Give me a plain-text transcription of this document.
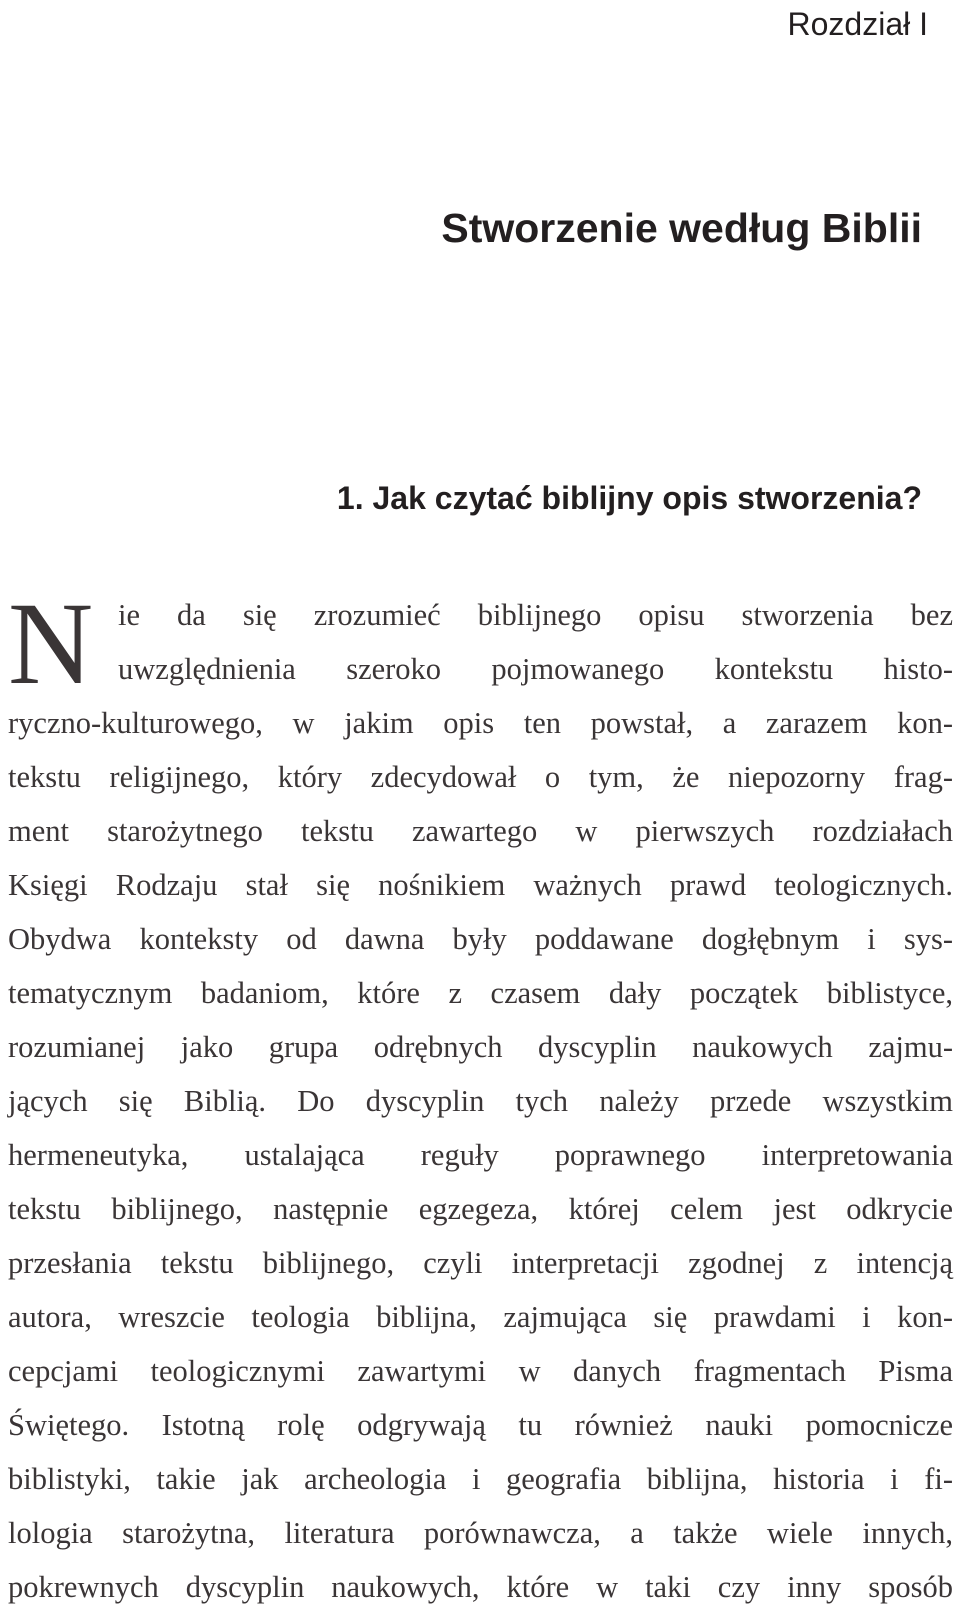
Rozdział I
Stworzenie według Biblii
1. Jak czytać biblijny opis stworzenia?
N ie da się zrozumieć biblijnego opisu stworzenia bez
uwzględnienia szeroko pojmowanego kontekstu histo-
ryczno-kulturowego, w jakim opis ten powstał, a zarazem kon-
tekstu religijnego, który zdecydował o tym, że niepozorny frag-
ment starożytnego tekstu zawartego w pierwszych rozdziałach
Księgi Rodzaju stał się nośnikiem ważnych prawd teologicznych.
Obydwa konteksty od dawna były poddawane dogłębnym i sys-
tematycznym badaniom, które z czasem dały początek biblistyce,
rozumianej jako grupa odrębnych dyscyplin naukowych zajmu-
jących się Biblią. Do dyscyplin tych należy przede wszystkim
hermeneutyka, ustalająca reguły poprawnego interpretowania
tekstu biblijnego, następnie egzegeza, której celem jest odkrycie
przesłania tekstu biblijnego, czyli interpretacji zgodnej z intencją
autora, wreszcie teologia biblijna, zajmująca się prawdami i kon-
cepcjami teologicznymi zawartymi w danych fragmentach Pisma
Świętego. Istotną rolę odgrywają tu również nauki pomocnicze
biblistyki, takie jak archeologia i geografia biblijna, historia i fi-
lologia starożytna, literatura porównawcza, a także wiele innych,
pokrewnych dyscyplin naukowych, które w taki czy inny sposób
